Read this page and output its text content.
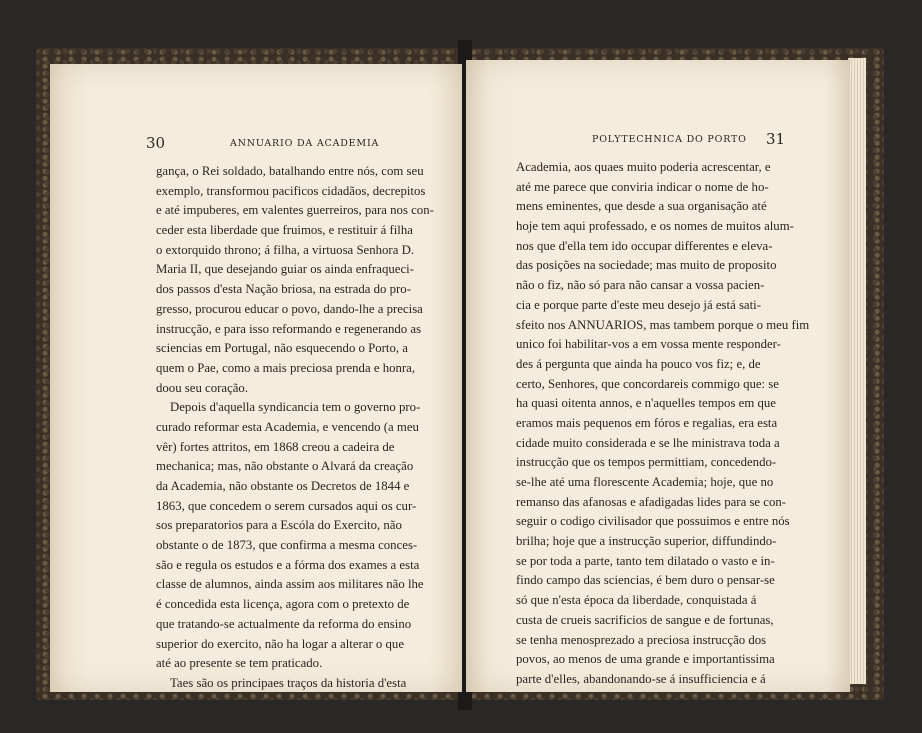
30	ANNUARIO DA ACADEMIA
gança, o Rei soldado, batalhando entre nós, com seu
exemplo, transformou pacificos cidadãos, decrepitos
e até impuberes, em valentes guerreiros, para nos con-
ceder esta liberdade que fruimos, e restituir á filha
o extorquido throno; á filha, a virtuosa Senhora D.
Maria II, que desejando guiar os ainda enfraqueci-
dos passos d'esta Nação briosa, na estrada do pro-
gresso, procurou educar o povo, dando-lhe a precisa
instrucção, e para isso reformando e regenerando as
sciencias em Portugal, não esquecendo o Porto, a
quem o Pae, como a mais preciosa prenda e honra,
doou seu coração.
Depois d'aquella syndicancia tem o governo pro-
curado reformar esta Academia, e vencendo (a meu
vêr) fortes attritos, em 1868 creou a cadeira de
mechanica; mas, não obstante o Alvará da creação
da Academia, não obstante os Decretos de 1844 e
1863, que concedem o serem cursados aqui os cur-
sos preparatorios para a Escóla do Exercito, não
obstante o de 1873, que confirma a mesma conces-
são e regula os estudos e a fórma dos exames a esta
classe de alumnos, ainda assim aos militares não lhe
é concedida esta licença, agora com o pretexto de
que tratando-se actualmente da reforma do ensino
superior do exercito, não ha logar a alterar o que
até ao presente se tem praticado.
Taes são os principaes traços da historia d'esta
31
POLYTECHNICA DO PORTO
Academia, aos quaes muito poderia acrescentar, e
até me parece que conviria indicar o nome de ho-
mens eminentes, que desde a sua organisação até
hoje tem aqui professado, e os nomes de muitos alum-
nos que d'ella tem ido occupar differentes e eleva-
das posições na sociedade; mas muito de proposito
não o fiz, não só para não cansar a vossa pacien-
cia e porque parte d'este meu desejo já está sati-
sfeito nos ANNUARIOS, mas tambem porque o meu fim
unico foi habilitar-vos a em vossa mente responder-
des á pergunta que ainda ha pouco vos fiz; e, de
certo, Senhores, que concordareis commigo que: se
ha quasi oitenta annos, e n'aquelles tempos em que
eramos mais pequenos em fóros e regalias, era esta
cidade muito considerada e se lhe ministrava toda a
instrucção que os tempos permittiam, concedendo-
se-lhe até uma florescente Academia; hoje, que no
remanso das afanosas e afadigadas lides para se con-
seguir o codigo civilisador que possuimos e entre nós
brilha; hoje que a instrucção superior, diffundindo-
se por toda a parte, tanto tem dilatado o vasto e in-
findo campo das sciencias, é bem duro o pensar-se
só que n'esta época da liberdade, conquistada á
custa de crueis sacrificios de sangue e de fortunas,
se tenha menosprezado a preciosa instrucção dos
povos, ao menos de uma grande e importantissima
parte d'elles, abandonando-se á insufficiencia e á
